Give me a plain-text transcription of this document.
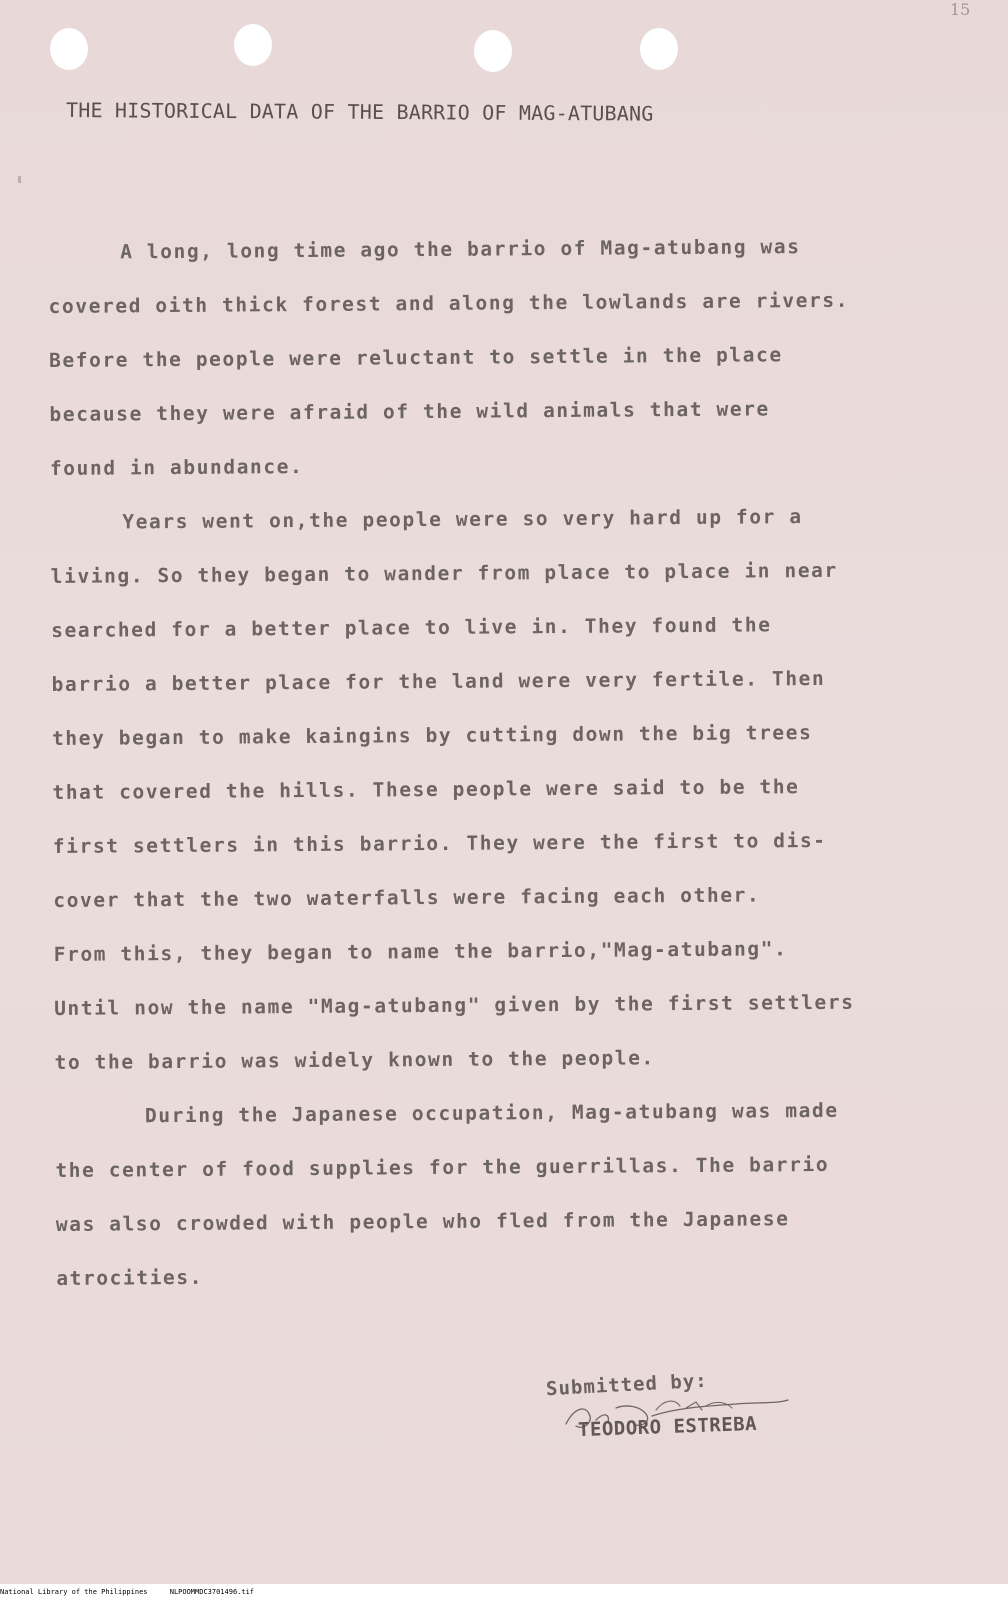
15
THE HISTORICAL DATA OF THE BARRIO OF MAG-ATUBANG
A long, long time ago the barrio of Mag-atubang was
covered oith thick forest and along the lowlands are rivers.
Before the people were reluctant to settle in the place
because they were afraid of the wild animals that were
found in abundance.
Years went on,the people were so very hard up for a
living. So they began to wander from place to place in near
searched for a better place to live in. They found the
barrio a better place for the land were very fertile. Then
they began to make kaingins by cutting down the big trees
that covered the hills. These people were said to be the
first settlers in this barrio. They were the first to dis-
cover that the two waterfalls were facing each other.
From this, they began to name the barrio,"Mag-atubang".
Until now the name "Mag-atubang" given by the first settlers
to the barrio was widely known to the people.
During the Japanese occupation, Mag-atubang was made
the center of food supplies for the guerrillas. The barrio
was also crowded with people who fled from the Japanese
atrocities.
Submitted by:
TEODORO ESTREBA
National Library of the Philippines	NLPOOMMDC3701496.tif
